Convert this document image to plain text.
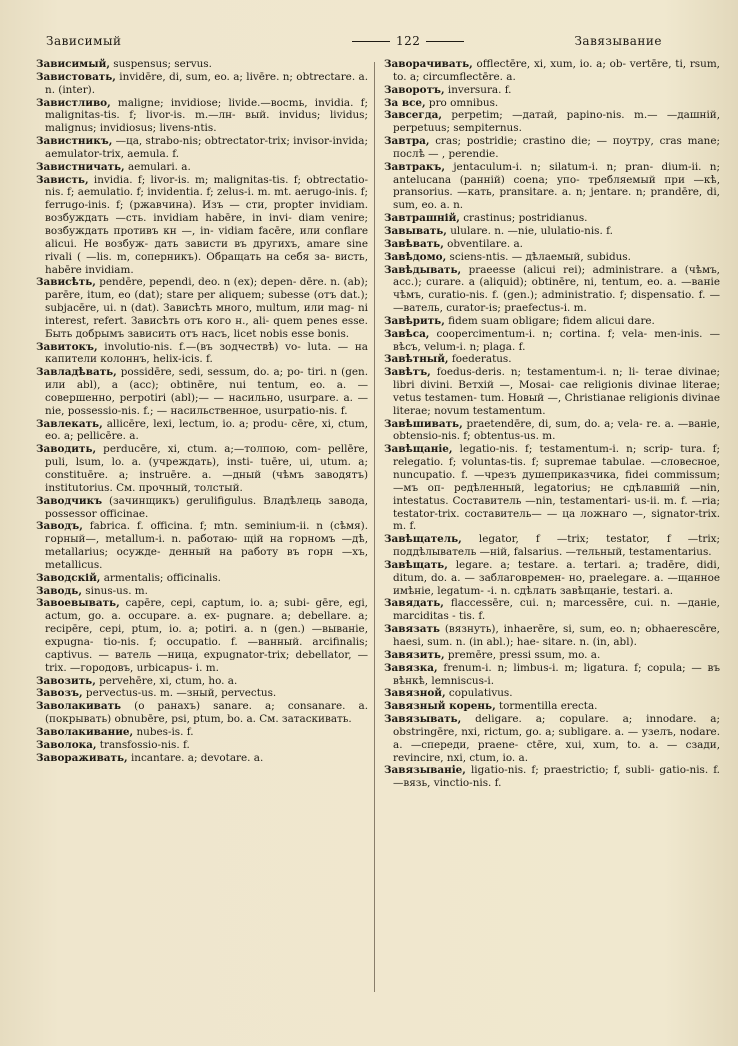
Зависимый	122	Завязывание

Зависимый, suspensus; servus.

Завистовать, invidēre, di, sum, eo. a; livēre. n; obtrectare. a. n. (inter).

Завистливо, maligne; invidiose; livide.—восmь, invidia. f; malignitas-tis. f; livor-is. m.—лн- вый. invidus; lividus; malignus; invidiosus; livens-ntis.

Завистникъ, —ца, strabo-nis; obtrectator-trix; invisor-invida; aemulator-trix, aemula. f.

Завистничать, aemulari. a.

Зависть, invidia. f; livor-is. m; malignitas-tis. f; obtrectatio-nis. f; aemulatio. f; invidentia. f; zelus-i. m. mt. aerugo-inis. f; ferrugo-inis. f; (ржавчина). Изъ — сти, propter invidiam. возбуждать —сть. invidiam habēre, in invi- diam venire; возбуждать противъ кн —, in- vidiam facēre, или conflare alicui. Не возбуж- дать зависти въ другихъ, amare sine rivali ( —lis. m, соперникъ). Обращать на себя за- висть, habēre invidiam.

Зависѣть, pendēre, pependi, deo. n (ex); depen- dēre. n. (ab); parēre, itum, eo (dat); stare per aliquem; subesse (отъ dat.); subjacēre, ui. n (dat). Зависѣть много, multum, или mag- ni interest, refert. Зависѣть отъ кого н., ali- quem penes esse. Быть добрымъ зависить отъ насъ, licet nobis esse bonis.

Завитокъ, involutio-nis. f.—(въ зодчествѣ) vo- luta. — на капители колоннъ, helix-icis. f.

Завладѣвать, possidēre, sedi, sessum, do. a; po- tiri. n (gen. или abl), a (acc); obtinēre, nui tentum, eo. a. — совершенно, perpotiri (abl);— — насильно, usurpare. a. —nie, possessio-nis. f.; — насильственное, usurpatio-nis. f.

Завлекать, allicēre, lexi, lectum, io. a; produ- cēre, xi, ctum, eo. a; pellicēre. a.

Заводить, perducēre, xi, ctum. a;—толпою, com- pellēre, puli, lsum, lo. a. (учреждать), insti- tuēre, ui, utum. a; constituēre. a; instruēre. a. —дный (чѣмъ заводятъ) institutorius. См. прочный, толстый.

Заводчикъ (зачинщикъ) gerulifigulus. Владѣлець завода, possessor officinae.

Заводъ, fabrica. f. officina. f; mtn. seminium-ii. n (сѣмя). горный—, metallum-i. n. работаю- щій на горномъ —дѣ, metallarius; осужде- денный на работу въ горн —хъ, metallicus.

Заводскій, armentalis; officinalis.

Заводь, sinus-us. m.

Завоевывать, capēre, cepi, captum, io. a; subi- gēre, egi, actum, go. a. occupare. a. ex- pugnare. a; debellare. a; recipēre, cepi, ptum, io. a; potiri. a. n (gen.) —выванie, expugna- tio-nis. f; occupatio. f. —ванный. arcifinalis; captivus. — ватель —ница, expugnator-trix; debellator, —trix. —городовъ, urbicapus- i. m.

Завозить, pervehēre, xi, ctum, ho. a.

Завозъ, pervectus-us. m. —зный, pervectus.

Заволакивать (о ранахъ) sanare. a; consanare. a. (покрывать) obnubēre, psi, ptum, bo. a. См. затаскивать.

Заволакивание, nubes-is. f.

Заволока, transfossio-nis. f.

Завораживать, incantare. a; devotare. a.

Заворачивать, offlectēre, xi, xum, io. a; ob- vertēre, ti, rsum, to. a; circumflectēre. a.

Заворотъ, inversura. f.

За все, pro omnibus.

Завсегда, perpetim; —датай, papino-nis. m.— —дашній, perpetuus; sempiternus.

Завтра, cras; postridie; crastino die; — поутру, cras mane; послѣ — , perendie.

Завтракъ, jentaculum-i. n; silatum-i. n; pran- dium-ii. n; antelucana (ранній) coena; упо- требляемый при —кѣ, pransorius. —кать, pransitare. a. n; jentare. n; prandēre, di, sum, eo. a. n.

Завтрашній, crastinus; postridianus.

Завывать, ululare. n. —nie, ululatio-nis. f.

Завѣвать, obventilare. a.

Завѣдомо, sciens-ntis. — дѣлаемый, subidus.

Завѣдывать, praeesse (alicui rei); administrare. a (чѣмъ, acc.); curare. a (aliquid); obtinēre, ni, tentum, eo. a. —ванie чѣмъ, curatio-nis. f. (gen.); administratio. f; dispensatio. f. — —ватель, curator-is; praefectus-i. m.

Завѣрить, fidem suam obligare; fidem alicui dare.

Завѣса, coopercimentum-i. n; cortina. f; vela- men-inis. —вѣсъ, velum-i. n; plaga. f.

Завѣтный, foederatus.

Завѣтъ, foedus-deris. n; testamentum-i. n; li- terae divinae; libri divini. Ветхій —, Mosai- cae religionis divinae literae; vetus testamen- tum. Новый —, Christianae religionis divinae literae; novum testamentum.

Завѣшивать, praetendēre, di, sum, do. a; vela- re. a. —ванie, obtensio-nis. f; obtentus-us. m.

Завѣщанie, legatio-nis. f; testamentum-i. n; scrip- tura. f; relegatio. f; voluntas-tis. f; supremae tabulae. —словесное, nuncupatio. f. —чрезъ душеприказчика, fidei commissum; —мъ оп- редѣленный, legatorius; не сдѣлавшій —nin, intestatus. Составитель —nin, testamentari- us-ii. m. f. —ria; testator-trix. составитель— — ца ложнаго —, signator-trix. m. f.

Завѣщатель, legator, f —trix; testator, f —trix; поддѣлыватель —нiй, falsarius. —тельный, testamentarius.

Завѣщать, legare. a; testare. a. tertari. a; tradēre, didi, ditum, do. a. — заблаговремен- но, praelegare. a. —щанное имѣнie, legatum- -i. n. сдѣлать завѣщанie, testari. a.

Завядать, flaccessēre, cui. n; marcessēre, cui. n. —данie, marciditas - tis. f.

Завязать (вязнуть), inhaerēre, si, sum, eo. n; obhaerescēre, haesi, sum. n. (in abl.); hae- sitare. n. (in, abl).

Завязить, premēre, pressi ssum, mo. a.

Завязка, frenum-i. n; limbus-i. m; ligatura. f; copula; — въ вѣнкѣ, lemniscus-i.

Завязной, copulativus.

Завязный корень, tormentilla erecta.

Завязывать, deligare. a; copulare. a; innodare. a; obstringēre, nxi, rictum, go. a; subligare. a. — узелъ, nodare. a. —спереди, praene- ctēre, xui, xum, to. a. — сзади, revincire, nxi, ctum, io. a.

Завязыванie, ligatio-nis. f; praestrictio; f, subli- gatio-nis. f. —вязь, vinctio-nis. f.
